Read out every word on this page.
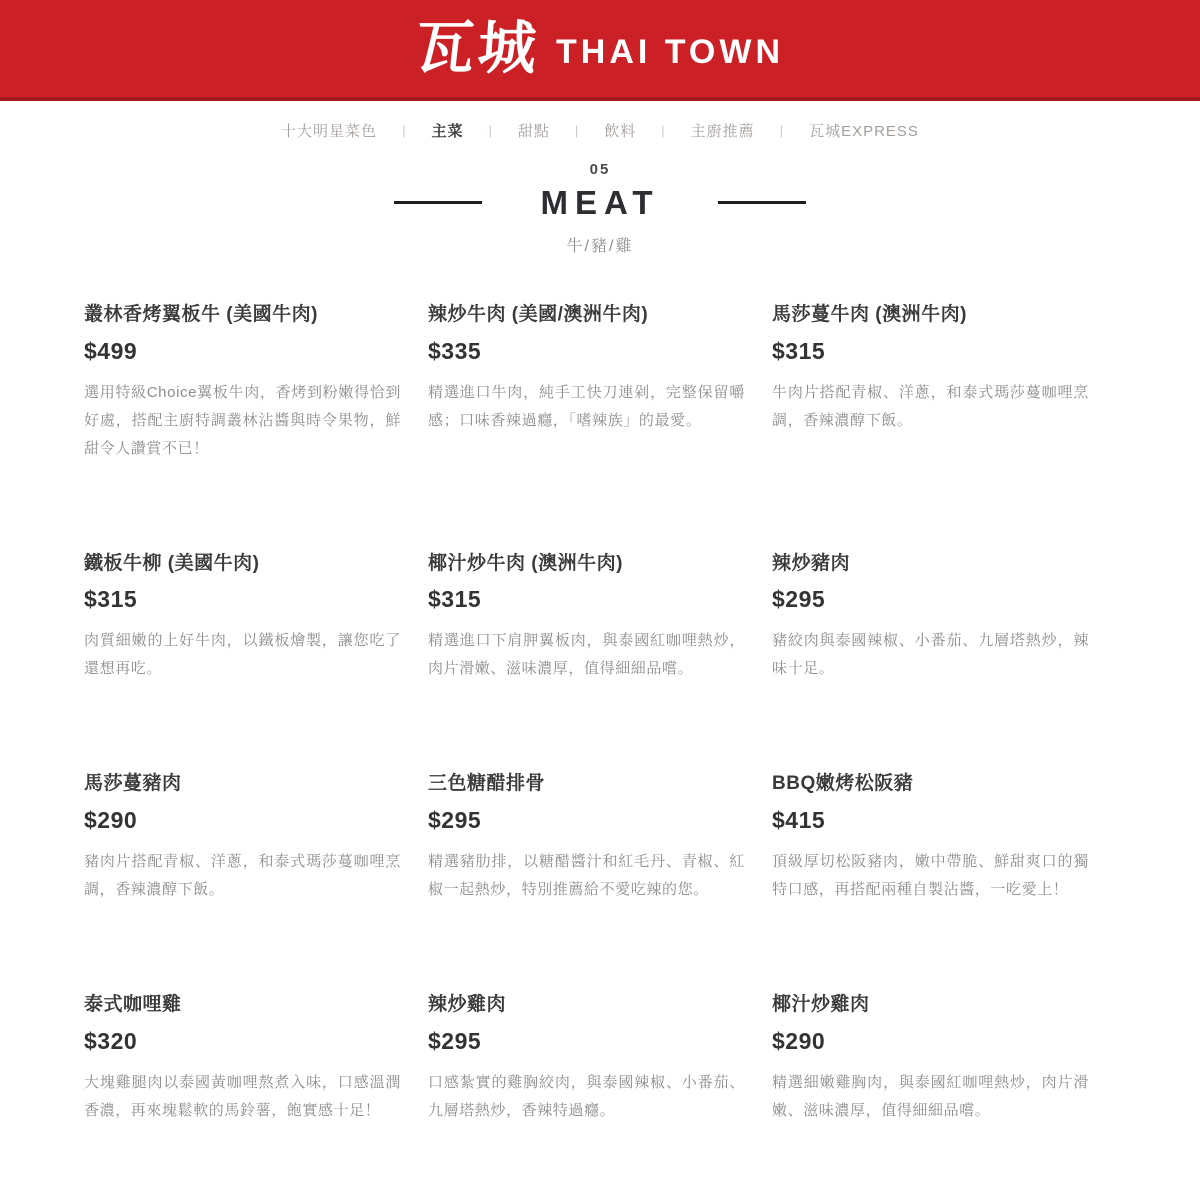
瓦城 THAI TOWN
十大明星菜色	|	主菜	|	甜點	|	飲料	|	主廚推薦	|	瓦城EXPRESS
05
MEAT
牛/豬/雞
叢林香烤翼板牛 (美國牛肉)
$499

選用特級Choice翼板牛肉，香烤到粉嫩得恰到好處，搭配主廚特調叢林沾醬與時令果物，鮮甜令人讚賞不已！

辣炒牛肉 (美國/澳洲牛肉)
$335

精選進口牛肉，純手工快刀連剁，完整保留嚼感；口味香辣過癮，「嗜辣族」的最愛。

馬莎蔓牛肉 (澳洲牛肉)
$315

牛肉片搭配青椒、洋蔥，和泰式瑪莎蔓咖哩烹調，香辣濃醇下飯。

鐵板牛柳 (美國牛肉)
$315

肉質細嫩的上好牛肉，以鐵板燴製，讓您吃了還想再吃。

椰汁炒牛肉 (澳洲牛肉)
$315

精選進口下肩胛翼板肉，與泰國紅咖哩熱炒，肉片滑嫩、滋味濃厚，值得細細品嚐。

辣炒豬肉
$295

豬絞肉與泰國辣椒、小番茄、九層塔熱炒，辣味十足。

馬莎蔓豬肉
$290

豬肉片搭配青椒、洋蔥，和泰式瑪莎蔓咖哩烹調，香辣濃醇下飯。

三色糖醋排骨
$295

精選豬肋排，以糖醋醬汁和紅毛丹、青椒、紅椒一起熱炒，特別推薦給不愛吃辣的您。

BBQ嫩烤松阪豬
$415

頂級厚切松阪豬肉，嫩中帶脆、鮮甜爽口的獨特口感，再搭配兩種自製沾醬，一吃愛上！

泰式咖哩雞
$320

大塊雞腿肉以泰國黃咖哩熬煮入味，口感溫潤香濃，再來塊鬆軟的馬鈴薯，飽實感十足！

辣炒雞肉
$295

口感紮實的雞胸絞肉，與泰國辣椒、小番茄、九層塔熱炒，香辣特過癮。

椰汁炒雞肉
$290

精選細嫩雞胸肉，與泰國紅咖哩熱炒，肉片滑嫩、滋味濃厚，值得細細品嚐。
